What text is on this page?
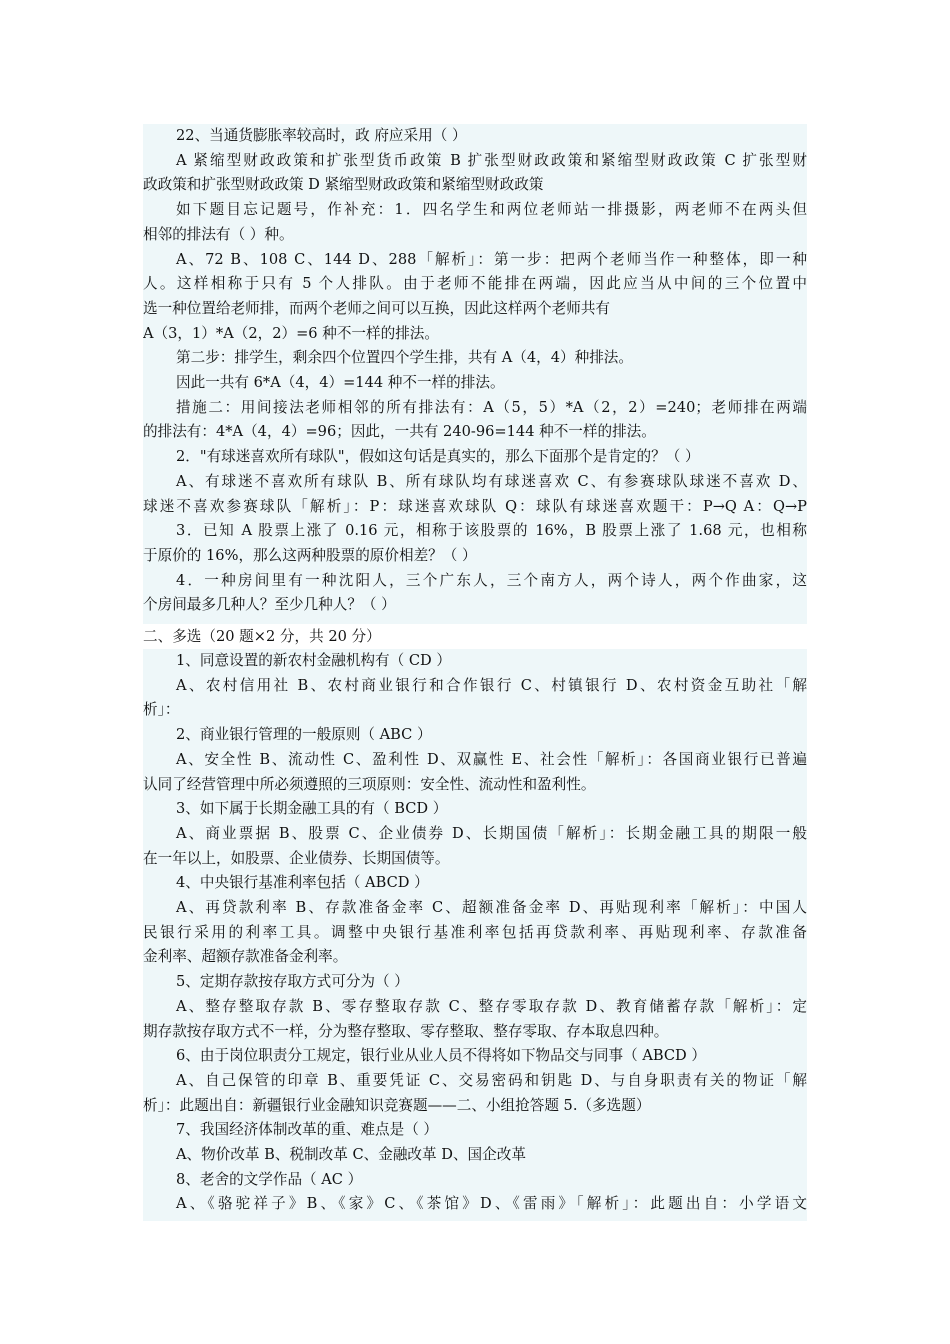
22、当通货膨胀率较高时，政 府应采用（ ）
A 紧缩型财政政策和扩张型货币政策 B 扩张型财政政策和紧缩型财政政策 C 扩张型财
政政策和扩张型财政政策 D 紧缩型财政政策和紧缩型财政政策
如下题目忘记题号，作补充：1．四名学生和两位老师站一排摄影，两老师不在两头但
相邻的排法有（ ）种。
A、72 B、108 C、144 D、288「解析」：第一步：把两个老师当作一种整体，即一种
人。这样相称于只有 5 个人排队。由于老师不能排在两端，因此应当从中间的三个位置中
选一种位置给老师排，而两个老师之间可以互换，因此这样两个老师共有
A（3，1）*A（2，2）=6 种不一样的排法。
第二步：排学生，剩余四个位置四个学生排，共有 A（4，4）种排法。
因此一共有 6*A（4，4）=144 种不一样的排法。
措施二：用间接法老师相邻的所有排法有：A（5，5）*A（2，2）=240；老师排在两端
的排法有：4*A（4，4）=96；因此，一共有 240-96=144 种不一样的排法。
2．"有球迷喜欢所有球队"，假如这句话是真实的，那么下面那个是肯定的？（ ）
A、有球迷不喜欢所有球队 B、所有球队均有球迷喜欢 C、有参赛球队球迷不喜欢 D、
球迷不喜欢参赛球队「解析」：P：球迷喜欢球队 Q：球队有球迷喜欢题干：P→Q A：Q→P
3．已知 A 股票上涨了 0.16 元，相称于该股票的 16%，B 股票上涨了 1.68 元，也相称
于原价的 16%，那么这两种股票的原价相差？（ ）
4．一种房间里有一种沈阳人，三个广东人，三个南方人，两个诗人，两个作曲家，这
个房间最多几种人？至少几种人？（ ）
二、多选（20 题×2 分，共 20 分）
1、同意设置的新农村金融机构有（ CD ）
A、农村信用社 B、农村商业银行和合作银行 C、村镇银行 D、农村资金互助社「解
析」：
2、商业银行管理的一般原则（ ABC ）
A、安全性 B、流动性 C、盈利性 D、双赢性 E、社会性「解析」：各国商业银行已普遍
认同了经营管理中所必须遵照的三项原则：安全性、流动性和盈利性。
3、如下属于长期金融工具的有（ BCD ）
A、商业票据 B、股票 C、企业债券 D、长期国债「解析」：长期金融工具的期限一般
在一年以上，如股票、企业债券、长期国债等。
4、中央银行基准利率包括（ ABCD ）
A、再贷款利率 B、存款准备金率 C、超额准备金率 D、再贴现利率「解析」：中国人
民银行采用的利率工具。调整中央银行基准利率包括再贷款利率、再贴现利率、存款准备
金利率、超额存款准备金利率。
5、定期存款按存取方式可分为（ ）
A、整存整取存款 B、零存整取存款 C、整存零取存款 D、教育储蓄存款「解析」：定
期存款按存取方式不一样，分为整存整取、零存整取、整存零取、存本取息四种。
6、由于岗位职责分工规定，银行业从业人员不得将如下物品交与同事（ ABCD ）
A、自己保管的印章 B、重要凭证 C、交易密码和钥匙 D、与自身职责有关的物证「解
析」：此题出自：新疆银行业金融知识竞赛题——二、小组抢答题 5.（多选题）
7、我国经济体制改革的重、难点是（ ）
A、物价改革 B、税制改革 C、金融改革 D、国企改革
8、老舍的文学作品（ AC ）
A、《骆驼祥子》B、《家》C、《茶馆》D、《雷雨》「解析」：此题出自：小学语文
